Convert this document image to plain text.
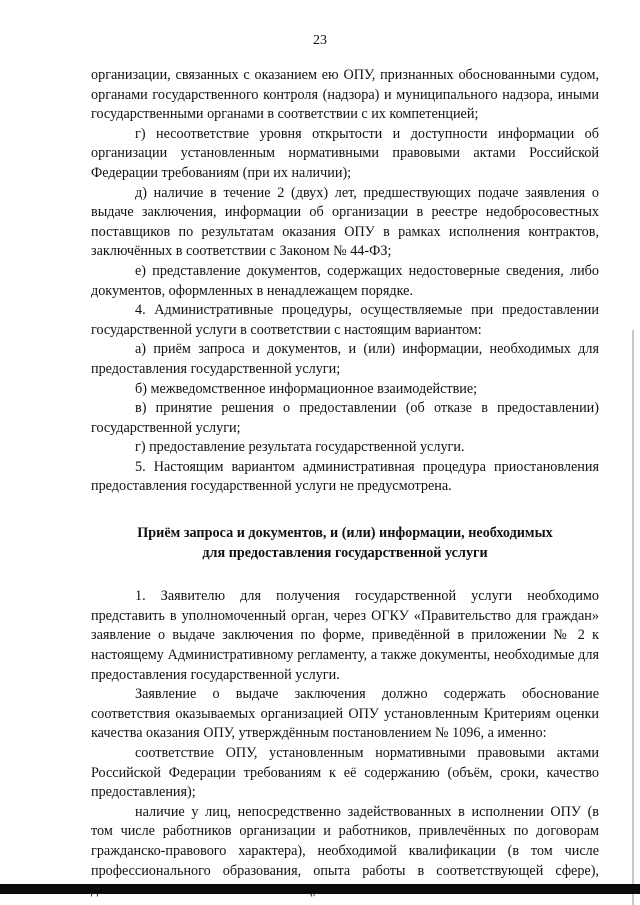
23

организации, связанных с оказанием ею ОПУ, признанных обоснованными судом, органами государственного контроля (надзора) и муниципального надзора, иными государственными органами в соответствии с их компетенцией;

г) несоответствие уровня открытости и доступности информации об организации установленным нормативными правовыми актами Российской Федерации требованиям (при их наличии);

д) наличие в течение 2 (двух) лет, предшествующих подаче заявления о выдаче заключения, информации об организации в реестре недобросовестных поставщиков по результатам оказания ОПУ в рамках исполнения контрактов, заключённых в соответствии с Законом № 44-ФЗ;

е) представление документов, содержащих недостоверные сведения, либо документов, оформленных в ненадлежащем порядке.

4. Административные процедуры, осуществляемые при предоставлении государственной услуги в соответствии с настоящим вариантом:

а) приём запроса и документов, и (или) информации, необходимых для предоставления государственной услуги;

б) межведомственное информационное взаимодействие;

в) принятие решения о предоставлении (об отказе в предоставлении) государственной услуги;

г) предоставление результата государственной услуги.

5. Настоящим вариантом административная процедура приостановления предоставления государственной услуги не предусмотрена.

Приём запроса и документов, и (или) информации, необходимых
для предоставления государственной услуги

1. Заявителю для получения государственной услуги необходимо представить в уполномоченный орган, через ОГКУ «Правительство для граждан» заявление о выдаче заключения по форме, приведённой в приложении № 2 к настоящему Административному регламенту, а также документы, необходимые для предоставления государственной услуги.

Заявление о выдаче заключения должно содержать обоснование соответствия оказываемых организацией ОПУ установленным Критериям оценки качества оказания ОПУ, утверждённым постановлением № 1096, а именно:

соответствие ОПУ, установленным нормативными правовыми актами Российской Федерации требованиям к её содержанию (объём, сроки, качество предоставления);

наличие у лиц, непосредственно задействованных в исполнении ОПУ (в том числе работников организации и работников, привлечённых по договорам гражданско-правового характера), необходимой квалификации (в том числе профессионального образования, опыта работы в соответствующей сфере),
